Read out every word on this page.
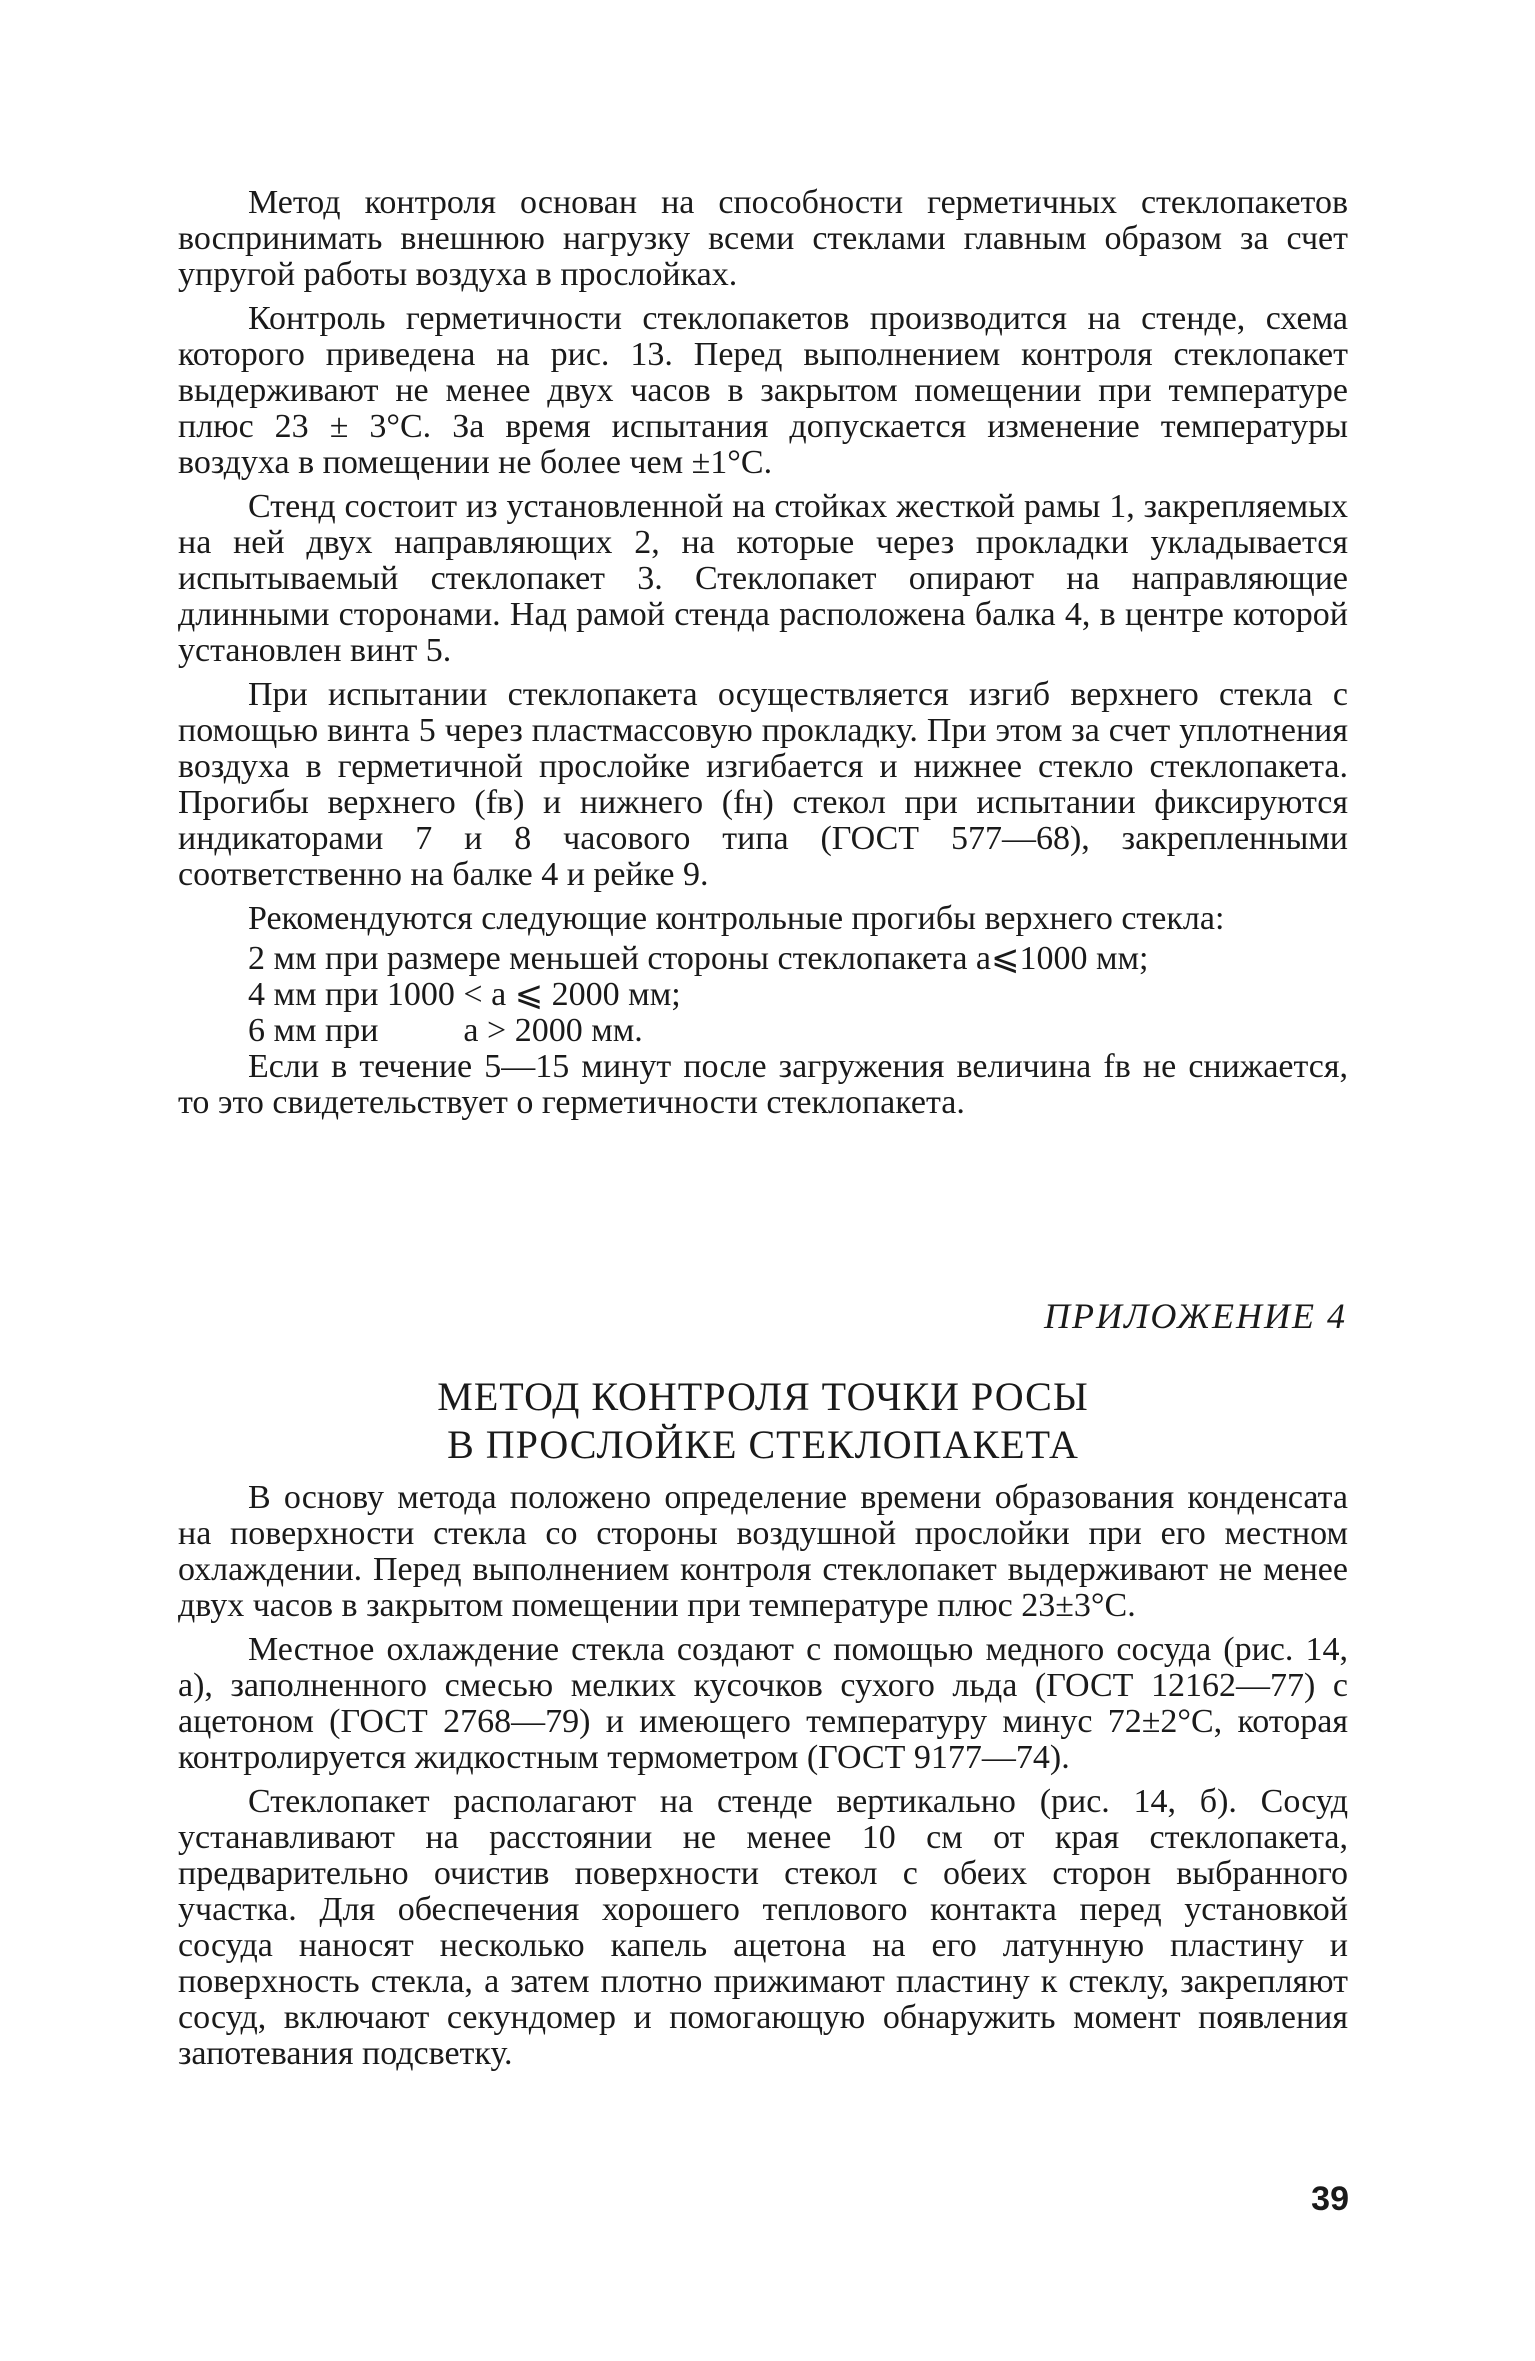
Метод контроля основан на способности герметичных стеклопакетов воспринимать внешнюю нагрузку всеми стеклами главным образом за счет упругой работы воздуха в прослойках.

Контроль герметичности стеклопакетов производится на стенде, схема которого приведена на рис. 13. Перед выполнением контроля стеклопакет выдерживают не менее двух часов в закрытом помещении при температуре плюс 23 ± 3°С. За время испытания допускается изменение температуры воздуха в помещении не более чем ±1°С.

Стенд состоит из установленной на стойках жесткой рамы 1, закрепляемых на ней двух направляющих 2, на которые через прокладки укладывается испытываемый стеклопакет 3. Стеклопакет опирают на направляющие длинными сторонами. Над рамой стенда расположена балка 4, в центре которой установлен винт 5.

При испытании стеклопакета осуществляется изгиб верхнего стекла с помощью винта 5 через пластмассовую прокладку. При этом за счет уплотнения воздуха в герметичной прослойке изгибается и нижнее стекло стеклопакета. Прогибы верхнего (fв) и нижнего (fн) стекол при испытании фиксируются индикаторами 7 и 8 часового типа (ГОСТ 577—68), закрепленными соответственно на балке 4 и рейке 9.

Рекомендуются следующие контрольные прогибы верхнего стекла:

2 мм при размере меньшей стороны стеклопакета a⩽1000 мм;

4 мм при 1000 < a ⩽ 2000 мм;

6 мм при          a > 2000 мм.

Если в течение 5—15 минут после загружения величина fв не снижается, то это свидетельствует о герметичности стеклопакета.

ПРИЛОЖЕНИЕ 4

МЕТОД КОНТРОЛЯ ТОЧКИ РОСЫ
В ПРОСЛОЙКЕ СТЕКЛОПАКЕТА

В основу метода положено определение времени образования конденсата на поверхности стекла со стороны воздушной прослойки при его местном охлаждении. Перед выполнением контроля стеклопакет выдерживают не менее двух часов в закрытом помещении при температуре плюс 23±3°С.

Местное охлаждение стекла создают с помощью медного сосуда (рис. 14, а), заполненного смесью мелких кусочков сухого льда (ГОСТ 12162—77) с ацетоном (ГОСТ 2768—79) и имеющего температуру минус 72±2°С, которая контролируется жидкостным термометром (ГОСТ 9177—74).

Стеклопакет располагают на стенде вертикально (рис. 14, б). Сосуд устанавливают на расстоянии не менее 10 см от края стеклопакета, предварительно очистив поверхности стекол с обеих сторон выбранного участка. Для обеспечения хорошего теплового контакта перед установкой сосуда наносят несколько капель ацетона на его латунную пластину и поверхность стекла, а затем плотно прижимают пластину к стеклу, закрепляют сосуд, включают секундомер и помогающую обнаружить момент появления запотевания подсветку.

39
